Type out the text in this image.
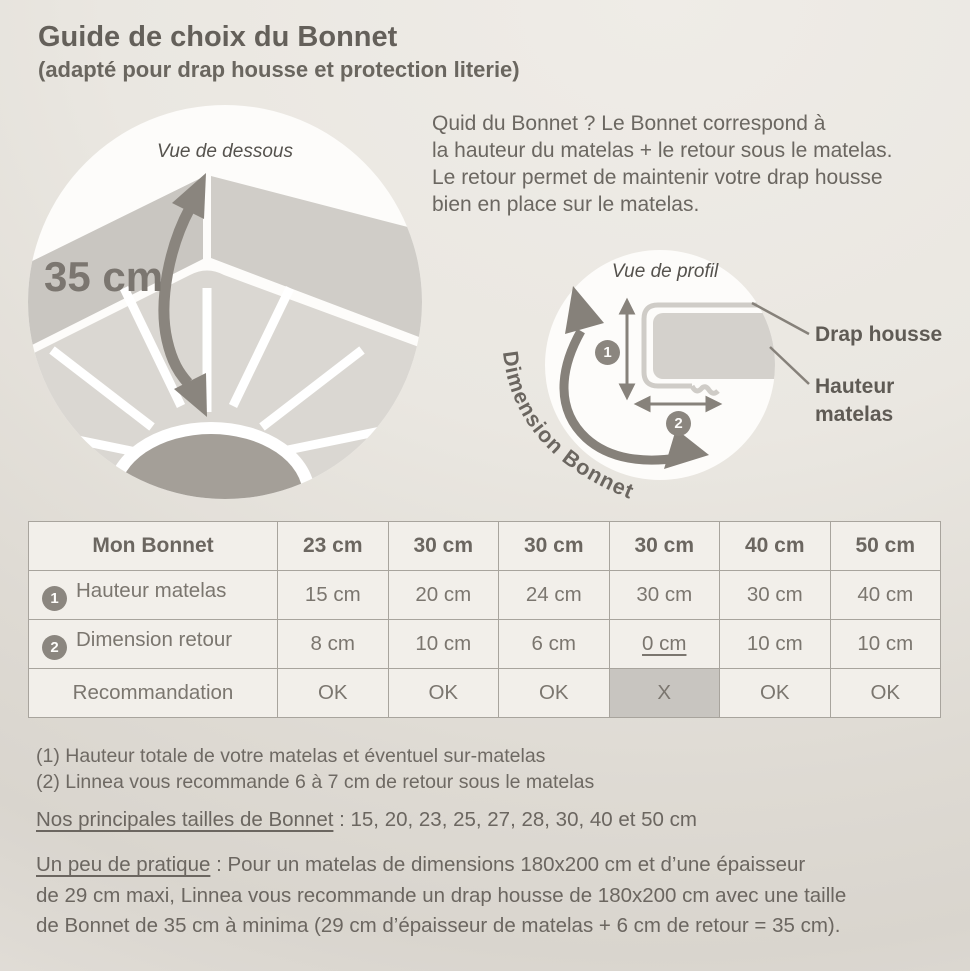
Dimension Bonnet
Guide de choix du Bonnet
(adapté pour drap housse et protection literie)
Quid du Bonnet ? Le Bonnet correspond à
la hauteur du matelas + le retour sous le matelas.
Le retour permet de maintenir votre drap housse
bien en place sur le matelas.
Vue de dessous
35 cm	Vue de profil
1
2
Drap housse
Hauteur
matelas
Mon Bonnet	23 cm	30 cm	30 cm	30 cm	40 cm	50 cm
1 Hauteur matelas	15 cm	20 cm	24 cm	30 cm	30 cm	40 cm
2 Dimension retour	8 cm	10 cm	6 cm	0 cm	10 cm	10 cm
Recommandation	OK	OK	OK	X	OK	OK
(1) Hauteur totale de votre matelas et éventuel sur-matelas
(2) Linnea vous recommande 6 à 7 cm de retour sous le matelas
Nos principales tailles de Bonnet : 15, 20, 23, 25, 27, 28, 30, 40 et 50 cm
Un peu de pratique : Pour un matelas de dimensions 180x200 cm et d’une épaisseur
de 29 cm maxi, Linnea vous recommande un drap housse de 180x200 cm avec une taille
de Bonnet de 35 cm à minima (29 cm d’épaisseur de matelas + 6 cm de retour = 35 cm).
